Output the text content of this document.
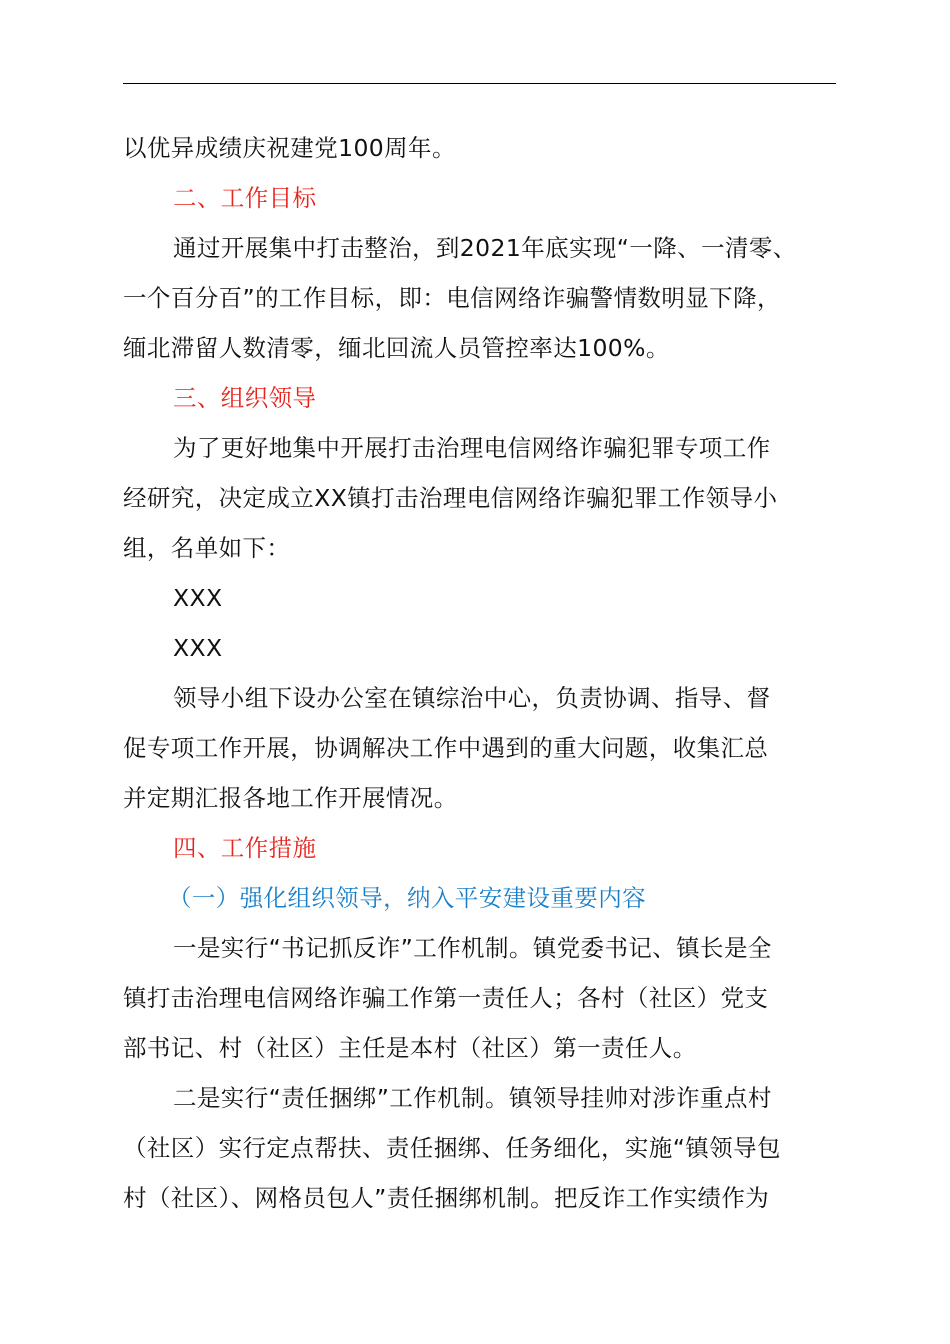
以优异成绩庆祝建党100周年。
二、工作目标
通过开展集中打击整治，到2021年底实现“一降、一清零、
一个百分百”的工作目标，即：电信网络诈骗警情数明显下降，
缅北滞留人数清零，缅北回流人员管控率达100%。
三、组织领导
为了更好地集中开展打击治理电信网络诈骗犯罪专项工作
经研究，决定成立XX镇打击治理电信网络诈骗犯罪工作领导小
组，名单如下：
XXX
XXX
领导小组下设办公室在镇综治中心，负责协调、指导、督
促专项工作开展，协调解决工作中遇到的重大问题，收集汇总
并定期汇报各地工作开展情况。
四、工作措施
（一）强化组织领导，纳入平安建设重要内容
一是实行“书记抓反诈”工作机制。镇党委书记、镇长是全
镇打击治理电信网络诈骗工作第一责任人；各村（社区）党支
部书记、村（社区）主任是本村（社区）第一责任人。
二是实行“责任捆绑”工作机制。镇领导挂帅对涉诈重点村
（社区）实行定点帮扶、责任捆绑、任务细化，实施“镇领导包
村（社区）、网格员包人”责任捆绑机制。把反诈工作实绩作为
